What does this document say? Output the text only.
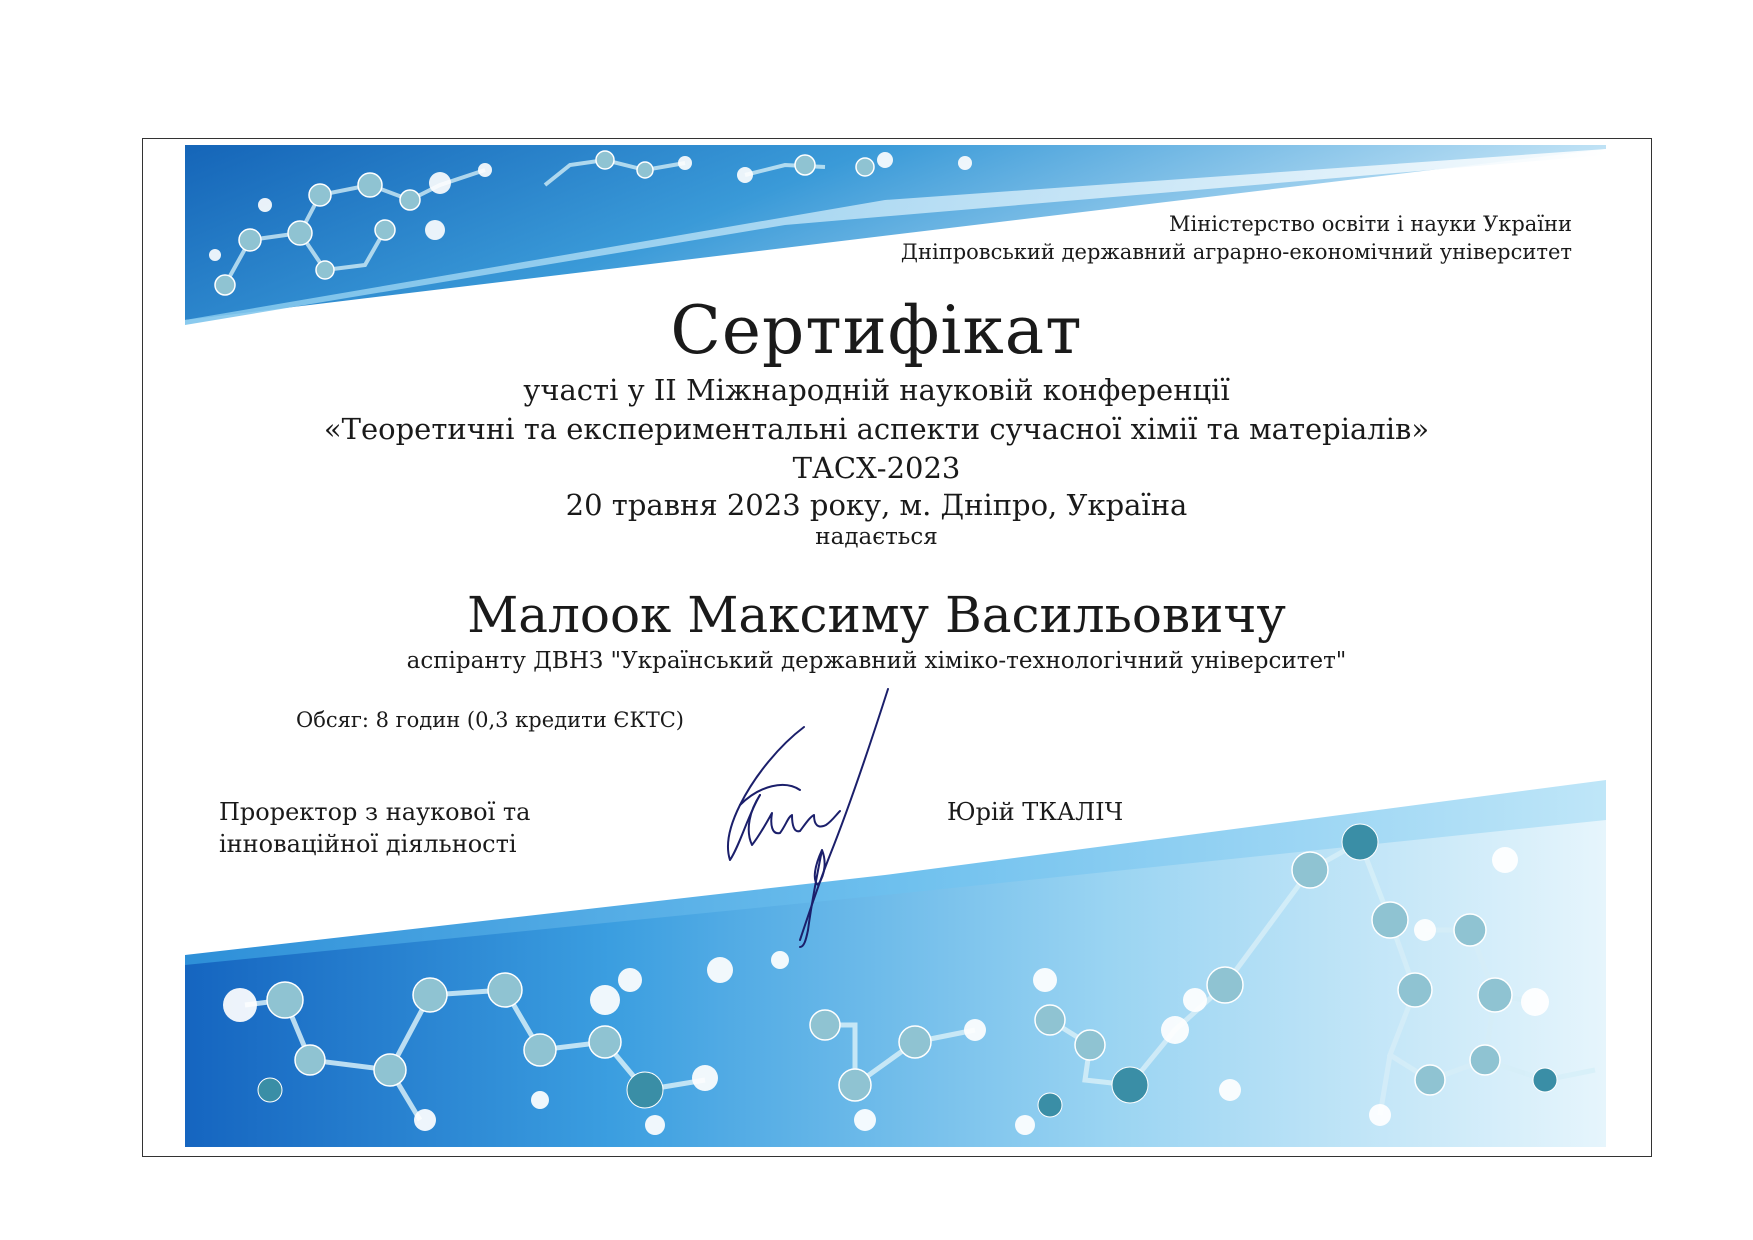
Міністерство освіти і науки України
Дніпровський державний аграрно-економічний університет
Сертифікат
участі у ІІ Міжнародній науковій конференції
«Теоретичні та експериментальні аспекти сучасної хімії та матеріалів»
ТАСХ-2023
20 травня 2023 року, м. Дніпро, Україна
надається
Малоок Максиму Васильовичу
аспіранту ДВНЗ "Український державний хіміко-технологічний університет"
Обсяг: 8 годин (0,3 кредити ЄКТС)
Проректор з наукової та
інноваційної діяльності
Юрій ТКАЛІЧ
